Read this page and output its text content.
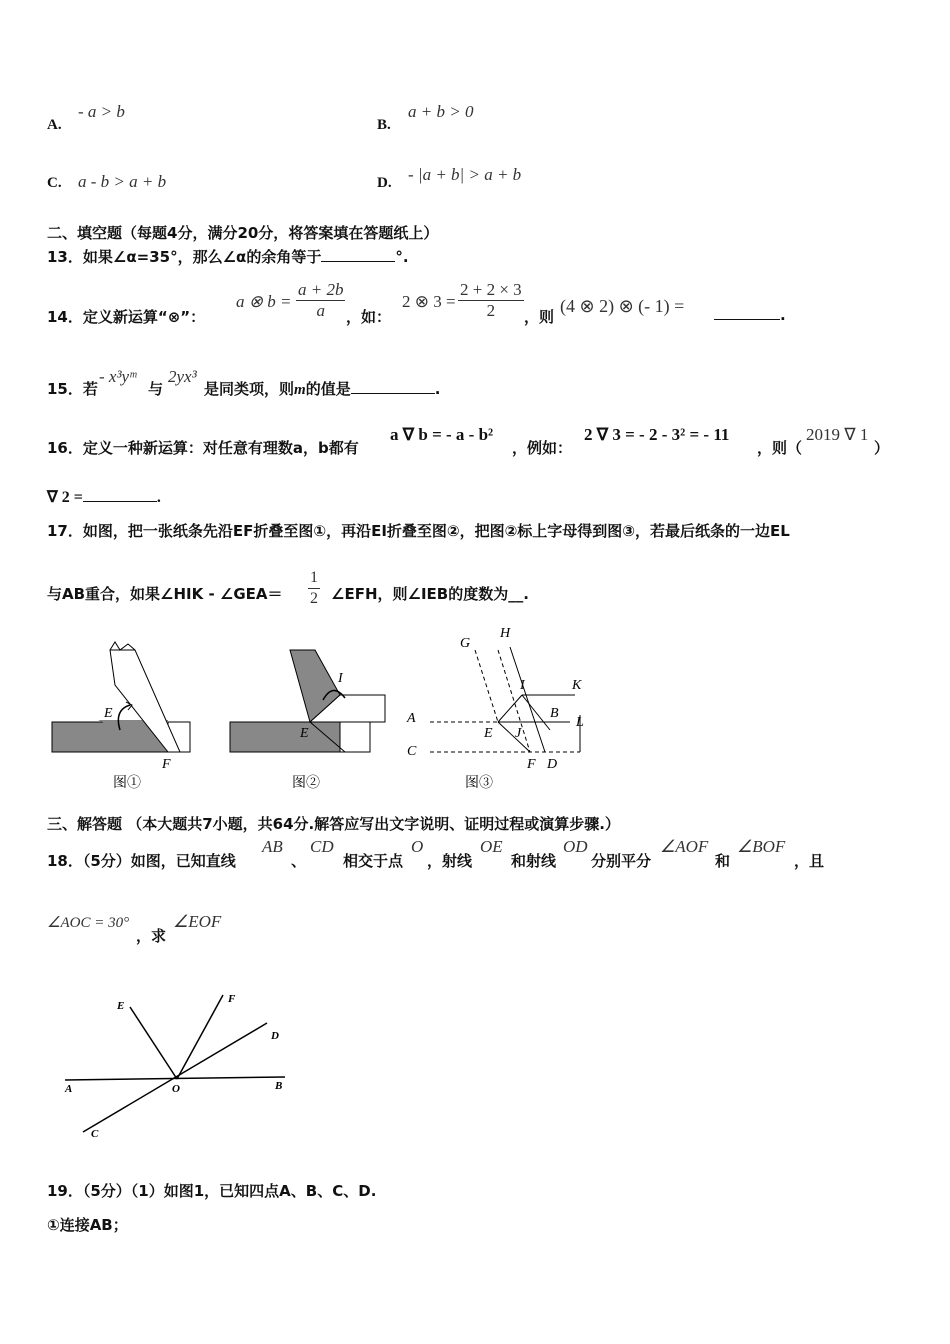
A.
- a > b
B.
a + b > 0
C. a - b > a + b	D. - |a + b| > a + b
二、填空题（每题4分，满分20分，将答案填在答题纸上）
13．如果∠α=35°，那么∠α的余角等于	°.
14．定义新运算“⊗”：
a ⊗ $b = \frac{a + 2b}{a}$ ，如：
2 ⊗ $3 = \frac{2 + 2 \times 3}{2}$ ，则
(4 ⊗ 2) ⊗ (- 1) =	.
15．若
- x³yᵐ
与
2yx³
是同类项，则m的值是	.
16．定义一种新运算：对任意有理数a，b都有
a ∇ b = - a - b²
，例如：
2 ∇ 3 = - 2 - 3² = - 11
，则（
2019 ∇ 1
）
∇ 2 =	.
17．如图，把一张纸条先沿EF折叠至图①，再沿EI折叠至图②，把图②标上字母得到图③，若最后纸条的一边EL
与AB重合，如果∠HIK - ∠GEA＝ $\frac{1}{2}$ ∠EFH，则∠IEB的度数为__.
E
F
图①
E
I
图②
G
H
I	K
A	B
L
C
E J
F D
图③
三、解答题 （本大题共7小题，共64分.解答应写出文字说明、证明过程或演算步骤.）
18．（5分）如图，已知直线
AB
、
CD
相交于点
O
，射线
OE
和射线
OD
分别平分
∠AOF
和
∠BOF
，且
∠AOC = 30°
，求
∠EOF
E
F
D
A	O	B
C
19．（5分）（1）如图1，已知四点A、B、C、D.
①连接AB；
